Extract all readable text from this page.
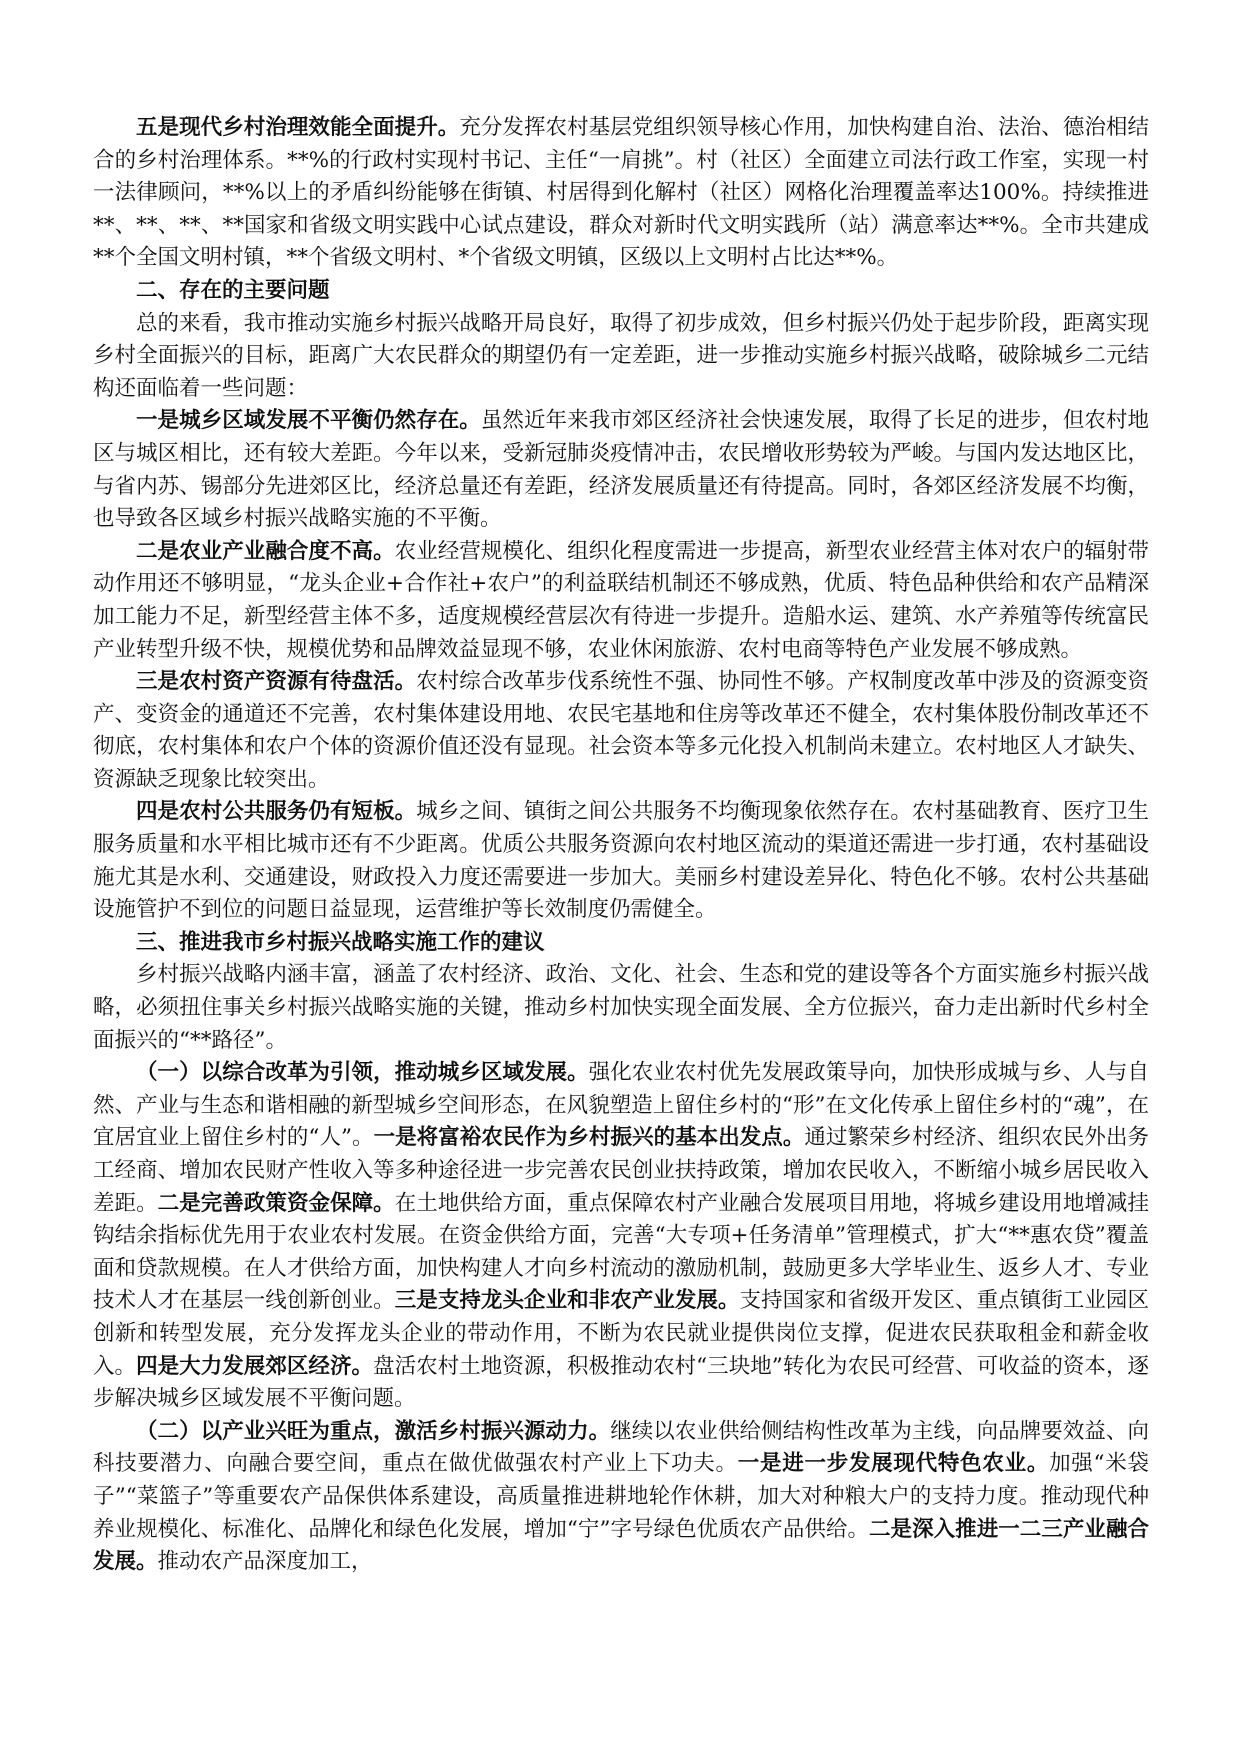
五是现代乡村治理效能全面提升。充分发挥农村基层党组织领导核心作用，加快构建自治、法治、德治相结合的乡村治理体系。**%的行政村实现村书记、主任“一肩挑”。村（社区）全面建立司法行政工作室，实现一村一法律顾问，**%以上的矛盾纠纷能够在街镇、村居得到化解村（社区）网格化治理覆盖率达100%。持续推进**、**、**、**国家和省级文明实践中心试点建设，群众对新时代文明实践所（站）满意率达**%。全市共建成**个全国文明村镇，**个省级文明村、*个省级文明镇，区级以上文明村占比达**%。

二、存在的主要问题

总的来看，我市推动实施乡村振兴战略开局良好，取得了初步成效，但乡村振兴仍处于起步阶段，距离实现乡村全面振兴的目标，距离广大农民群众的期望仍有一定差距，进一步推动实施乡村振兴战略，破除城乡二元结构还面临着一些问题：

一是城乡区域发展不平衡仍然存在。虽然近年来我市郊区经济社会快速发展，取得了长足的进步，但农村地区与城区相比，还有较大差距。今年以来，受新冠肺炎疫情冲击，农民增收形势较为严峻。与国内发达地区比，与省内苏、锡部分先进郊区比，经济总量还有差距，经济发展质量还有待提高。同时，各郊区经济发展不均衡，也导致各区域乡村振兴战略实施的不平衡。

二是农业产业融合度不高。农业经营规模化、组织化程度需进一步提高，新型农业经营主体对农户的辐射带动作用还不够明显，“龙头企业+合作社+农户”的利益联结机制还不够成熟，优质、特色品种供给和农产品精深加工能力不足，新型经营主体不多，适度规模经营层次有待进一步提升。造船水运、建筑、水产养殖等传统富民产业转型升级不快，规模优势和品牌效益显现不够，农业休闲旅游、农村电商等特色产业发展不够成熟。

三是农村资产资源有待盘活。农村综合改革步伐系统性不强、协同性不够。产权制度改革中涉及的资源变资产、变资金的通道还不完善，农村集体建设用地、农民宅基地和住房等改革还不健全，农村集体股份制改革还不彻底，农村集体和农户个体的资源价值还没有显现。社会资本等多元化投入机制尚未建立。农村地区人才缺失、资源缺乏现象比较突出。

四是农村公共服务仍有短板。城乡之间、镇街之间公共服务不均衡现象依然存在。农村基础教育、医疗卫生服务质量和水平相比城市还有不少距离。优质公共服务资源向农村地区流动的渠道还需进一步打通，农村基础设施尤其是水利、交通建设，财政投入力度还需要进一步加大。美丽乡村建设差异化、特色化不够。农村公共基础设施管护不到位的问题日益显现，运营维护等长效制度仍需健全。

三、推进我市乡村振兴战略实施工作的建议

乡村振兴战略内涵丰富，涵盖了农村经济、政治、文化、社会、生态和党的建设等各个方面实施乡村振兴战略，必须扭住事关乡村振兴战略实施的关键，推动乡村加快实现全面发展、全方位振兴，奋力走出新时代乡村全面振兴的“**路径”。

（一）以综合改革为引领，推动城乡区域发展。强化农业农村优先发展政策导向，加快形成城与乡、人与自然、产业与生态和谐相融的新型城乡空间形态，在风貌塑造上留住乡村的“形”在文化传承上留住乡村的“魂”，在宜居宜业上留住乡村的“人”。一是将富裕农民作为乡村振兴的基本出发点。通过繁荣乡村经济、组织农民外出务工经商、增加农民财产性收入等多种途径进一步完善农民创业扶持政策，增加农民收入，不断缩小城乡居民收入差距。二是完善政策资金保障。在土地供给方面，重点保障农村产业融合发展项目用地，将城乡建设用地增减挂钩结余指标优先用于农业农村发展。在资金供给方面，完善“大专项+任务清单”管理模式，扩大“**惠农贷”覆盖面和贷款规模。在人才供给方面，加快构建人才向乡村流动的激励机制，鼓励更多大学毕业生、返乡人才、专业技术人才在基层一线创新创业。三是支持龙头企业和非农产业发展。支持国家和省级开发区、重点镇街工业园区创新和转型发展，充分发挥龙头企业的带动作用，不断为农民就业提供岗位支撑，促进农民获取租金和薪金收入。四是大力发展郊区经济。盘活农村土地资源，积极推动农村“三块地”转化为农民可经营、可收益的资本，逐步解决城乡区域发展不平衡问题。

（二）以产业兴旺为重点，激活乡村振兴源动力。继续以农业供给侧结构性改革为主线，向品牌要效益、向科技要潜力、向融合要空间，重点在做优做强农村产业上下功夫。一是进一步发展现代特色农业。加强“米袋子”“菜篮子”等重要农产品保供体系建设，高质量推进耕地轮作休耕，加大对种粮大户的支持力度。推动现代种养业规模化、标准化、品牌化和绿色化发展，增加“宁”字号绿色优质农产品供给。二是深入推进一二三产业融合发展。推动农产品深度加工，
